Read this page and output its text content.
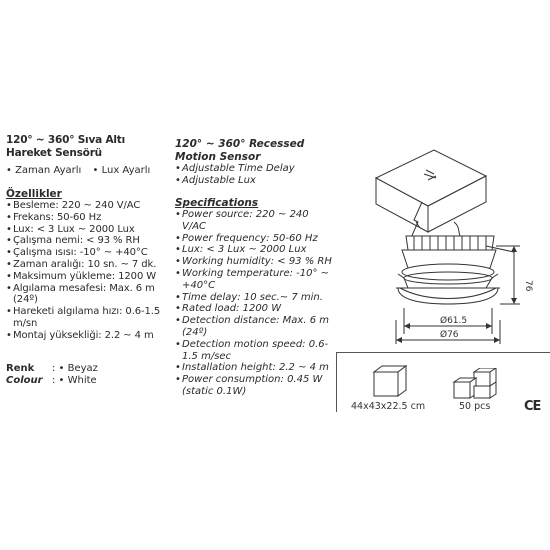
120° ~ 360° Sıva Altı Hareket Sensörü
• Zaman Ayarlı • Lux Ayarlı
Özellikler
• Besleme: 220 ~ 240 V/AC
• Frekans: 50-60 Hz
• Lux: < 3 Lux ~ 2000 Lux
• Çalışma nemi: < 93 % RH
• Çalışma ısısı: -10° ~ +40°C
• Zaman aralığı: 10 sn. ~ 7 dk.
• Maksimum yükleme: 1200 W
• Algılama mesafesi: Max. 6 m (24º)
• Hareketi algılama hızı: 0.6-1.5 m/sn
• Montaj yüksekliği: 2.2 ~ 4 m
Renk : • Beyaz
Colour : • White
120° ~ 360° Recessed Motion Sensor
• Adjustable Time Delay
• Adjustable Lux
Specifications
• Power source: 220 ~ 240 V/AC
• Power frequency: 50-60 Hz
• Lux: < 3 Lux ~ 2000 Lux
• Working humidity: < 93 % RH
• Working temperature: -10° ~ +40°C
• Time delay: 10 sec.~ 7 min.
• Rated load: 1200 W
• Detection distance: Max. 6 m (24º)
• Detection motion speed: 0.6-1.5 m/sec
• Installation height: 2.2 ~ 4 m
• Power consumption: 0.45 W (static 0.1W)
Ø61.5
Ø76
76
44x43x22.5 cm	50 pcs	CE
